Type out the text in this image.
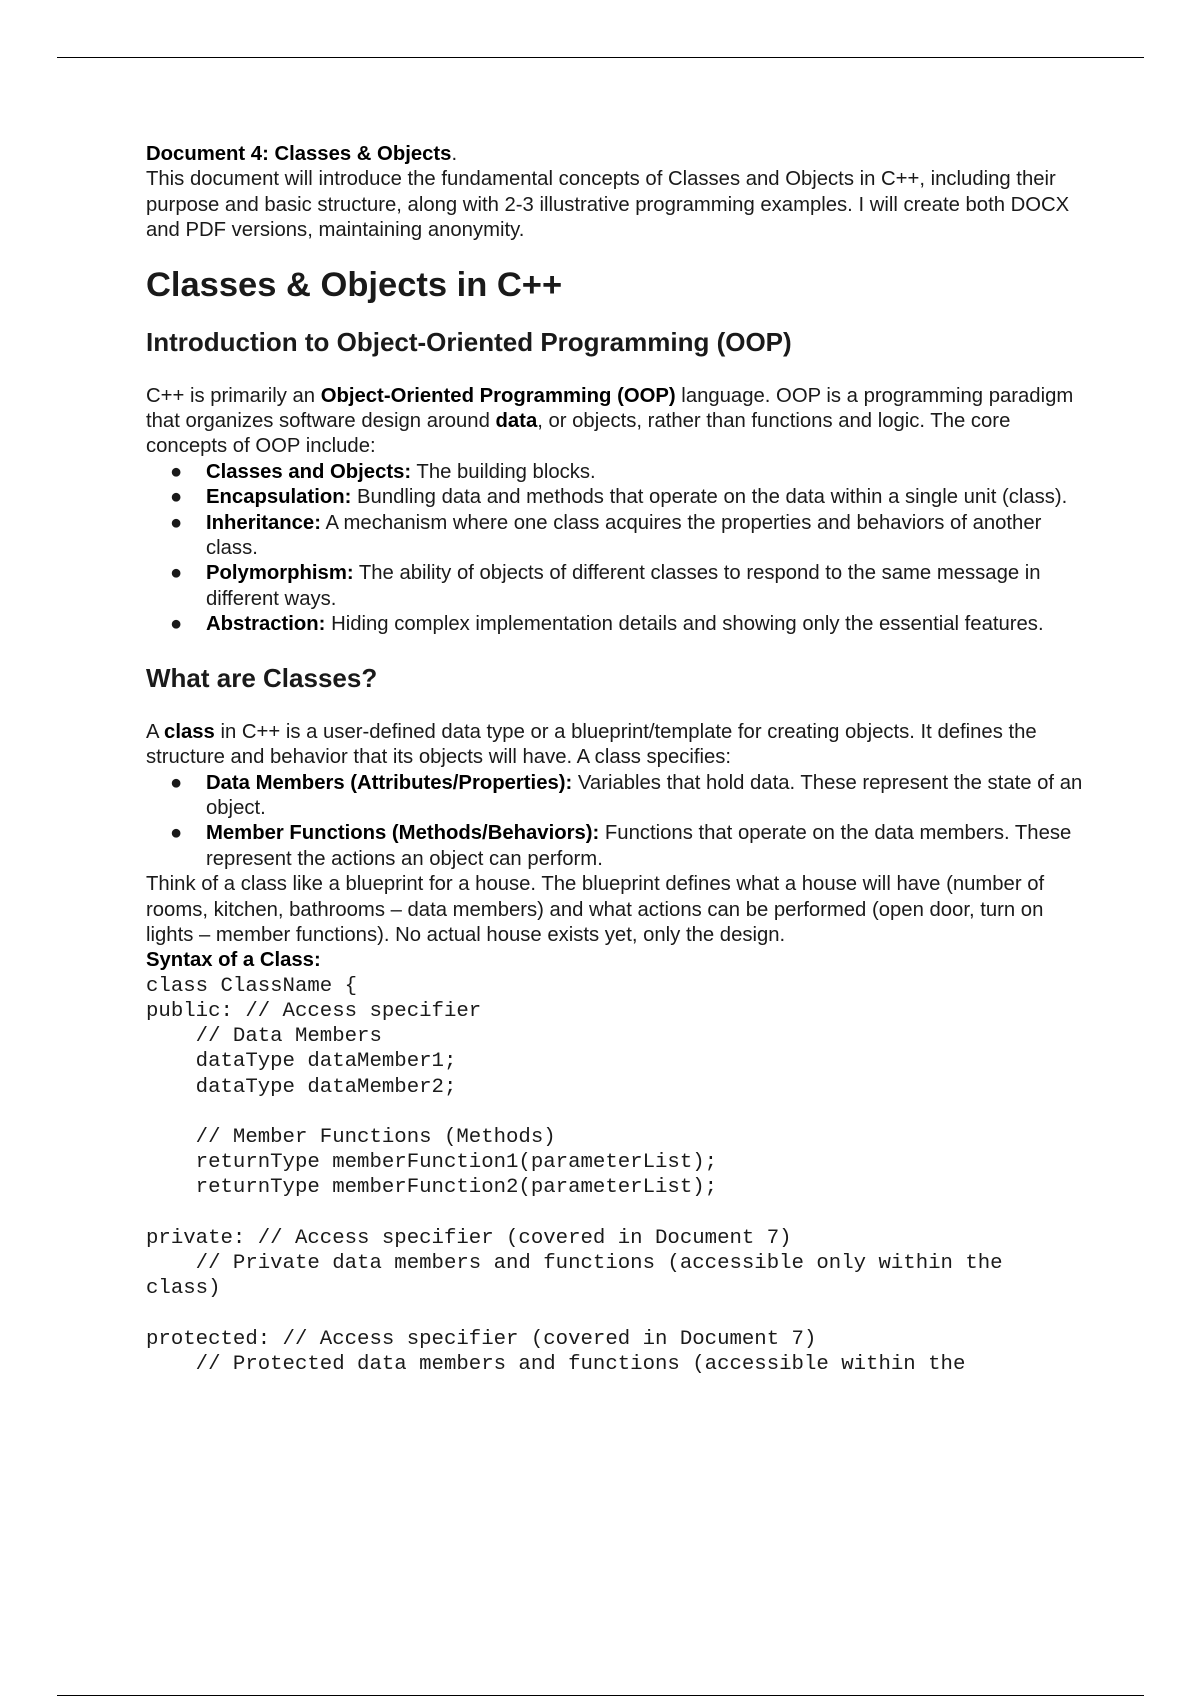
Document 4: Classes & Objects.

This document will introduce the fundamental concepts of Classes and Objects in C++, including their purpose and basic structure, along with 2-3 illustrative programming examples. I will create both DOCX and PDF versions, maintaining anonymity.

Classes & Objects in C++
Introduction to Object-Oriented Programming (OOP)

C++ is primarily an Object-Oriented Programming (OOP) language. OOP is a programming paradigm that organizes software design around data, or objects, rather than functions and logic. The core concepts of OOP include:

● Classes and Objects: The building blocks.
● Encapsulation: Bundling data and methods that operate on the data within a single unit (class).
● Inheritance: A mechanism where one class acquires the properties and behaviors of another class.
● Polymorphism: The ability of objects of different classes to respond to the same message in different ways.
● Abstraction: Hiding complex implementation details and showing only the essential features.
What are Classes?

A class in C++ is a user-defined data type or a blueprint/template for creating objects. It defines the structure and behavior that its objects will have. A class specifies:

● Data Members (Attributes/Properties): Variables that hold data. These represent the state of an object.
● Member Functions (Methods/Behaviors): Functions that operate on the data members. These represent the actions an object can perform.

Think of a class like a blueprint for a house. The blueprint defines what a house will have (number of rooms, kitchen, bathrooms – data members) and what actions can be performed (open door, turn on lights – member functions). No actual house exists yet, only the design.

Syntax of a Class:

class ClassName {
public: // Access specifier
// Data Members
dataType dataMember1;
dataType dataMember2;

// Member Functions (Methods)
returnType memberFunction1(parameterList);
returnType memberFunction2(parameterList);

private: // Access specifier (covered in Document 7)
// Private data members and functions (accessible only within the
class)

protected: // Access specifier (covered in Document 7)
// Protected data members and functions (accessible within the
